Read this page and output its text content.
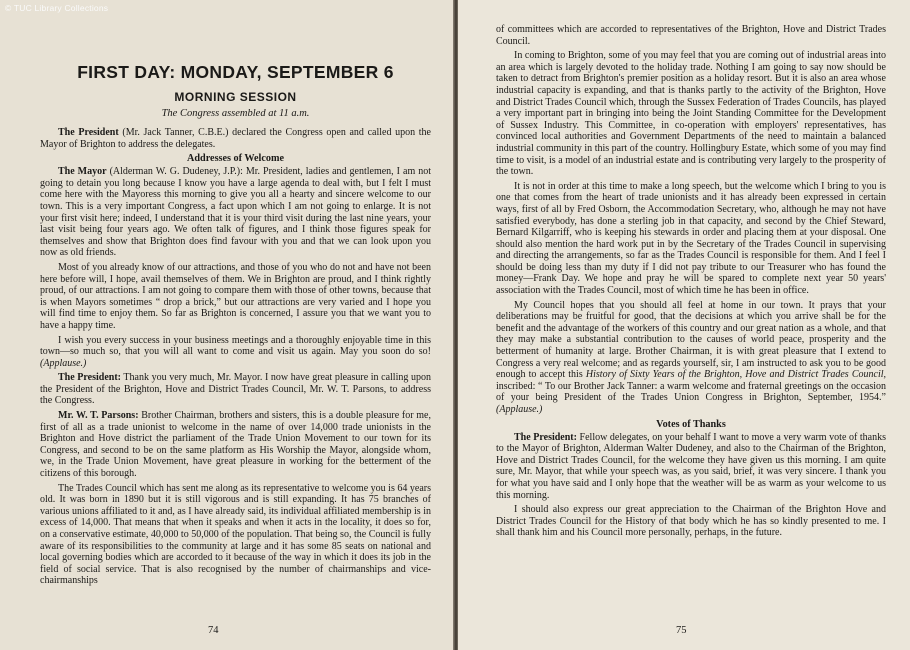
FIRST DAY: MONDAY, SEPTEMBER 6
MORNING SESSION
The Congress assembled at 11 a.m.

The President (Mr. Jack Tanner, C.B.E.) declared the Congress open and called upon the Mayor of Brighton to address the delegates.

Addresses of Welcome

The Mayor (Alderman W. G. Dudeney, J.P.): Mr. President, ladies and gentlemen, I am not going to detain you long because I know you have a large agenda to deal with, but I felt I must come here with the Mayoress this morning to give you all a hearty and sincere welcome to our town. This is a very important Congress, a fact upon which I am not going to enlarge. It is not your first visit here; indeed, I understand that it is your third visit during the last nine years, your last visit being four years ago. We often talk of figures, and I think those figures speak for themselves and show that Brighton does find favour with you and that we can look upon you now as old friends.

Most of you already know of our attractions, and those of you who do not and have not been here before will, I hope, avail themselves of them. We in Brighton are proud, and I think rightly proud, of our attractions. I am not going to compare them with those of other towns, because that is when Mayors sometimes “ drop a brick,” but our attractions are very varied and I hope you will find time to enjoy them. So far as Brighton is concerned, I assure you that we want you to have a happy time.

I wish you every success in your business meetings and a thoroughly enjoyable time in this town—so much so, that you will all want to come and visit us again. May you soon do so! (Applause.)

The President: Thank you very much, Mr. Mayor. I now have great pleasure in calling upon the President of the Brighton, Hove and District Trades Council, Mr. W. T. Parsons, to address the Congress.

Mr. W. T. Parsons: Brother Chairman, brothers and sisters, this is a double pleasure for me, first of all as a trade unionist to welcome in the name of over 14,000 trade unionists in the Brighton and Hove district the parliament of the Trade Union Movement to our town for its Congress, and second to be on the same platform as His Worship the Mayor, alongside whom, we, in the Trade Union Movement, have great pleasure in working for the betterment of the citizens of this borough.

The Trades Council which has sent me along as its representative to welcome you is 64 years old. It was born in 1890 but it is still vigorous and is still expanding. It has 75 branches of various unions affiliated to it and, as I have already said, its individual affiliated membership is in excess of 14,000. That means that when it speaks and when it acts in the locality, it does so for, on a conservative estimate, 40,000 to 50,000 of the population. That being so, the Council is fully aware of its responsibilities to the community at large and it has some 85 seats on national and local governing bodies which are accorded to it because of the way in which it does its job in the field of social service. That is also recognised by the number of chairmanships and vice-chairmanships

74

of committees which are accorded to representatives of the Brighton, Hove and District Trades Council.

In coming to Brighton, some of you may feel that you are coming out of industrial areas into an area which is largely devoted to the holiday trade. Nothing I am going to say now should be taken to detract from Brighton's premier position as a holiday resort. But it is also an area whose industrial capacity is expanding, and that is thanks partly to the activity of the Brighton, Hove and District Trades Council which, through the Sussex Federation of Trades Councils, has played a very important part in bringing into being the Joint Standing Committee for the Development of Sussex Industry. This Committee, in co-operation with employers' representatives, has convinced local authorities and Government Departments of the need to maintain a balanced industrial community in this part of the country. Hollingbury Estate, which some of you may find time to visit, is a model of an industrial estate and is contributing very largely to the prosperity of the town.

It is not in order at this time to make a long speech, but the welcome which I bring to you is one that comes from the heart of trade unionists and it has already been expressed in certain ways, first of all by Fred Osborn, the Accommodation Secretary, who, although he may not have satisfied everybody, has done a sterling job in that capacity, and second by the Chief Steward, Bernard Kilgarriff, who is keeping his stewards in order and placing them at your disposal. One should also mention the hard work put in by the Secretary of the Trades Council in supervising and directing the arrangements, so far as the Trades Council is responsible for them. And I feel I should be doing less than my duty if I did not pay tribute to our Treasurer who has found the money—Frank Day. We hope and pray he will be spared to complete next year 50 years' association with the Trades Council, most of which time he has been in office.

My Council hopes that you should all feel at home in our town. It prays that your deliberations may be fruitful for good, that the decisions at which you arrive shall be for the benefit and the advantage of the workers of this country and our great nation as a whole, and that they may make a substantial contribution to the causes of world peace, prosperity and the betterment of humanity at large. Brother Chairman, it is with great pleasure that I extend to Congress a very real welcome; and as regards yourself, sir, I am instructed to ask you to be good enough to accept this History of Sixty Years of the Brighton, Hove and District Trades Council, inscribed: “ To our Brother Jack Tanner: a warm welcome and fraternal greetings on the occasion of your being President of the Trades Union Congress in Brighton, September, 1954.” (Applause.)

Votes of Thanks

The President: Fellow delegates, on your behalf I want to move a very warm vote of thanks to the Mayor of Brighton, Alderman Walter Dudeney, and also to the Chairman of the Brighton, Hove and District Trades Council, for the welcome they have given us this morning. I am quite sure, Mr. Mayor, that while your speech was, as you said, brief, it was very sincere. I thank you for what you have said and I only hope that the weather will be as warm as your welcome to us this morning.

I should also express our great appreciation to the Chairman of the Brighton Hove and District Trades Council for the History of that body which he has so kindly presented to me. I shall thank him and his Council more personally, perhaps, in the future.

75
© TUC Library Collections
